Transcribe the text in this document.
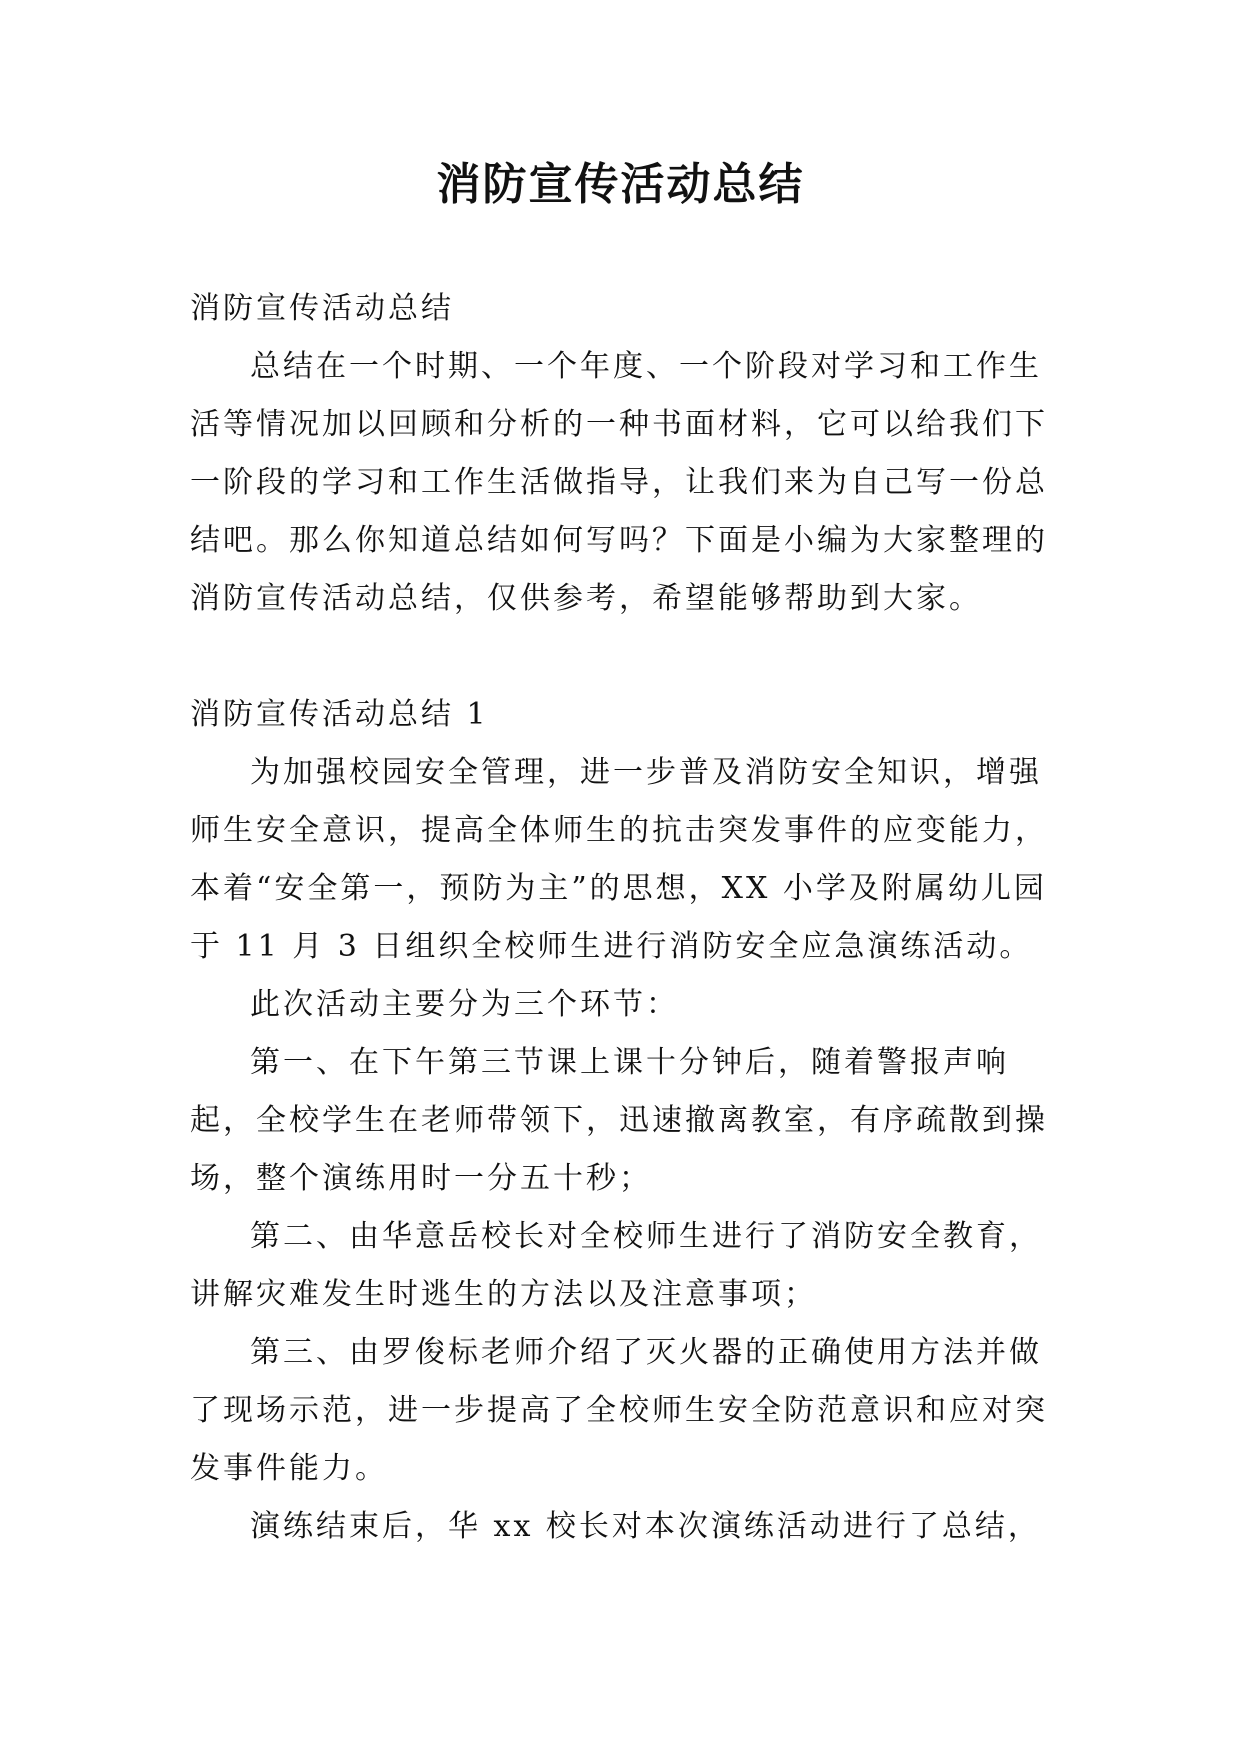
消防宣传活动总结

消防宣传活动总结

总结在一个时期、一个年度、一个阶段对学习和工作生活等情况加以回顾和分析的一种书面材料，它可以给我们下一阶段的学习和工作生活做指导，让我们来为自己写一份总结吧。那么你知道总结如何写吗？下面是小编为大家整理的消防宣传活动总结，仅供参考，希望能够帮助到大家。

消防宣传活动总结 1

为加强校园安全管理，进一步普及消防安全知识，增强师生安全意识，提高全体师生的抗击突发事件的应变能力，本着“安全第一，预防为主”的思想，XX 小学及附属幼儿园于 11 月 3 日组织全校师生进行消防安全应急演练活动。

此次活动主要分为三个环节：

第一、在下午第三节课上课十分钟后，随着警报声响起，全校学生在老师带领下，迅速撤离教室，有序疏散到操场，整个演练用时一分五十秒；

第二、由华意岳校长对全校师生进行了消防安全教育，讲解灾难发生时逃生的方法以及注意事项；

第三、由罗俊标老师介绍了灭火器的正确使用方法并做了现场示范，进一步提高了全校师生安全防范意识和应对突发事件能力。

演练结束后，华 xx 校长对本次演练活动进行了总结，
